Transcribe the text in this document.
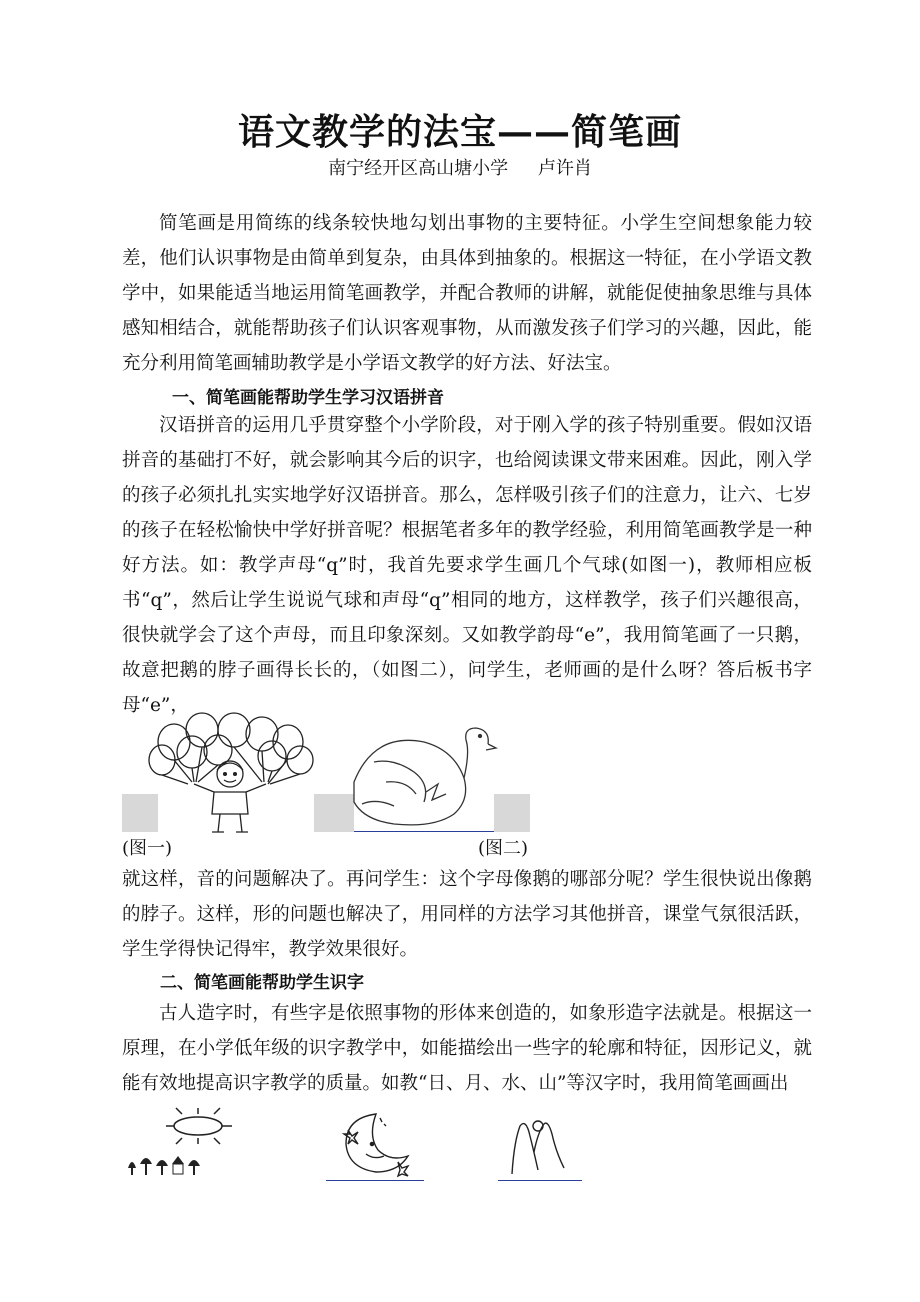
语文教学的法宝——简笔画
南宁经开区高山塘小学 卢许肖

简笔画是用简练的线条较快地勾划出事物的主要特征。小学生空间想象能力较差，他们认识事物是由简单到复杂，由具体到抽象的。根据这一特征，在小学语文教学中，如果能适当地运用简笔画教学，并配合教师的讲解，就能促使抽象思维与具体感知相结合，就能帮助孩子们认识客观事物，从而激发孩子们学习的兴趣，因此，能充分利用简笔画辅助教学是小学语文教学的好方法、好法宝。

一、简笔画能帮助学生学习汉语拼音

汉语拼音的运用几乎贯穿整个小学阶段，对于刚入学的孩子特别重要。假如汉语拼音的基础打不好，就会影响其今后的识字，也给阅读课文带来困难。因此，刚入学的孩子必须扎扎实实地学好汉语拼音。那么，怎样吸引孩子们的注意力，让六、七岁的孩子在轻松愉快中学好拼音呢？根据笔者多年的教学经验，利用简笔画教学是一种好方法。如：教学声母“q”时，我首先要求学生画几个气球(如图一)，教师相应板书“q”，然后让学生说说气球和声母“q”相同的地方，这样教学，孩子们兴趣很高，很快就学会了这个声母，而且印象深刻。又如教学韵母“e”，我用简笔画了一只鹅，故意把鹅的脖子画得长长的，（如图二），问学生，老师画的是什么呀？答后板书字母“e”，

(图一)	(图二)

就这样，音的问题解决了。再问学生：这个字母像鹅的哪部分呢？学生很快说出像鹅的脖子。这样，形的问题也解决了，用同样的方法学习其他拼音，课堂气氛很活跃，学生学得快记得牢，教学效果很好。

二、简笔画能帮助学生识字

古人造字时，有些字是依照事物的形体来创造的，如象形造字法就是。根据这一原理，在小学低年级的识字教学中，如能描绘出一些字的轮廓和特征，因形记义，就能有效地提高识字教学的质量。如教“日、月、水、山”等汉字时，我用简笔画画出
